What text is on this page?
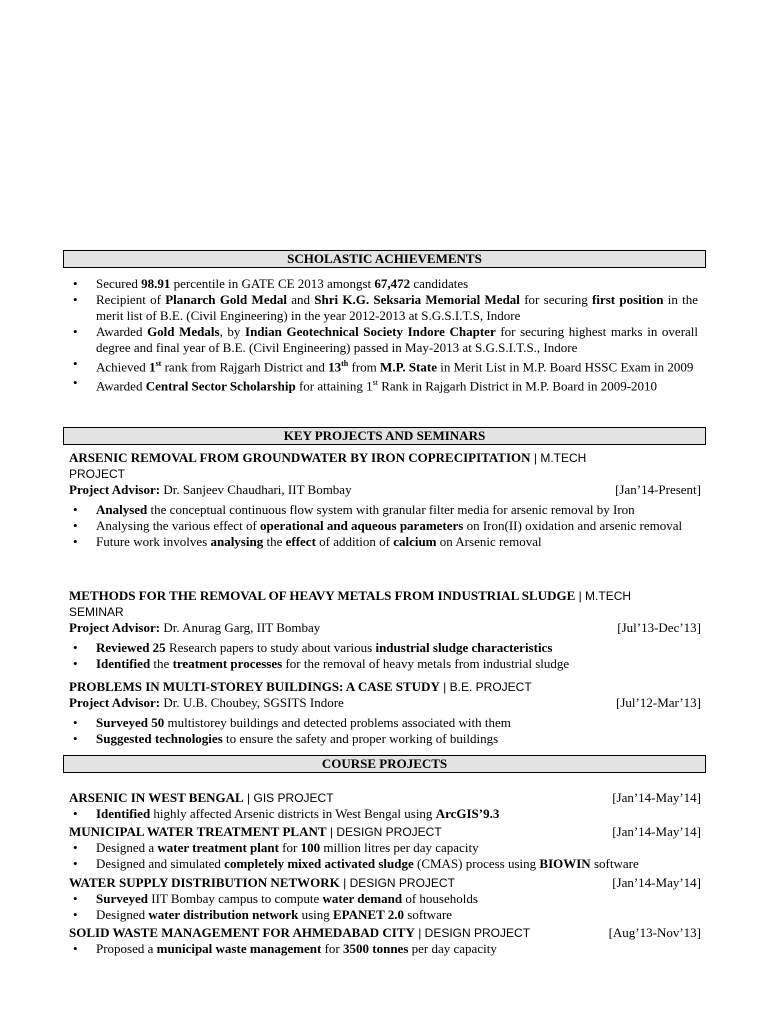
SCHOLASTIC ACHIEVEMENTS
• Secured 98.91 percentile in GATE CE 2013 amongst 67,472 candidates
• Recipient of Planarch Gold Medal and Shri K.G. Seksaria Memorial Medal for securing first position in the merit list of B.E. (Civil Engineering) in the year 2012-2013 at S.G.S.I.T.S, Indore
• Awarded Gold Medals, by Indian Geotechnical Society Indore Chapter for securing highest marks in overall degree and final year of B.E. (Civil Engineering) passed in May-2013 at S.G.S.I.T.S., Indore
• Achieved 1st rank from Rajgarh District and 13th from M.P. State in Merit List in M.P. Board HSSC Exam in 2009
• Awarded Central Sector Scholarship for attaining 1st Rank in Rajgarh District in M.P. Board in 2009-2010
KEY PROJECTS AND SEMINARS
ARSENIC REMOVAL FROM GROUNDWATER BY IRON COPRECIPITATION | M.TECH
PROJECT
Project Advisor: Dr. Sanjeev Chaudhari, IIT Bombay	[Jan’14-Present]
• Analysed the conceptual continuous flow system with granular filter media for arsenic removal by Iron
• Analysing the various effect of operational and aqueous parameters on Iron(II) oxidation and arsenic removal
• Future work involves analysing the effect of addition of calcium on Arsenic removal
METHODS FOR THE REMOVAL OF HEAVY METALS FROM INDUSTRIAL SLUDGE | M.TECH
SEMINAR
Project Advisor: Dr. Anurag Garg, IIT Bombay	[Jul’13-Dec’13]
• Reviewed 25 Research papers to study about various industrial sludge characteristics
• Identified the treatment processes for the removal of heavy metals from industrial sludge
PROBLEMS IN MULTI-STOREY BUILDINGS: A CASE STUDY | B.E. PROJECT
Project Advisor: Dr. U.B. Choubey, SGSITS Indore	[Jul’12-Mar’13]
• Surveyed 50 multistorey buildings and detected problems associated with them
• Suggested technologies to ensure the safety and proper working of buildings
COURSE PROJECTS
ARSENIC IN WEST BENGAL | GIS PROJECT	[Jan’14-May’14]
• Identified highly affected Arsenic districts in West Bengal using ArcGIS’9.3
MUNICIPAL WATER TREATMENT PLANT | DESIGN PROJECT	[Jan’14-May’14]
• Designed a water treatment plant for 100 million litres per day capacity
• Designed and simulated completely mixed activated sludge (CMAS) process using BIOWIN software
WATER SUPPLY DISTRIBUTION NETWORK | DESIGN PROJECT	[Jan’14-May’14]
• Surveyed IIT Bombay campus to compute water demand of households
• Designed water distribution network using EPANET 2.0 software
SOLID WASTE MANAGEMENT FOR AHMEDABAD CITY | DESIGN PROJECT	[Aug’13-Nov’13]
• Proposed a municipal waste management for 3500 tonnes per day capacity
